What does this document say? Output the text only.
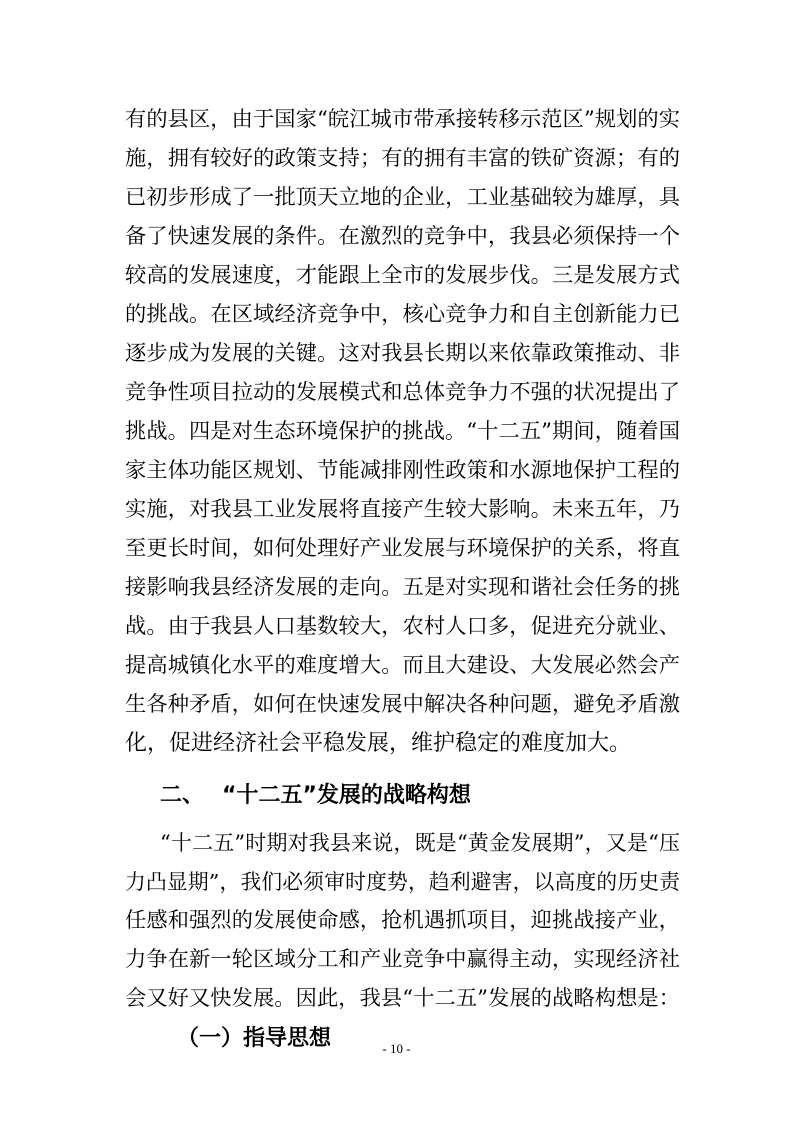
有的县区，由于国家“皖江城市带承接转移示范区”规划的实
施，拥有较好的政策支持；有的拥有丰富的铁矿资源；有的
已初步形成了一批顶天立地的企业，工业基础较为雄厚，具
备了快速发展的条件。在激烈的竞争中，我县必须保持一个
较高的发展速度，才能跟上全市的发展步伐。三是发展方式
的挑战。在区域经济竞争中，核心竞争力和自主创新能力已
逐步成为发展的关键。这对我县长期以来依靠政策推动、非
竞争性项目拉动的发展模式和总体竞争力不强的状况提出了
挑战。四是对生态环境保护的挑战。“十二五”期间，随着国
家主体功能区规划、节能减排刚性政策和水源地保护工程的
实施，对我县工业发展将直接产生较大影响。未来五年，乃
至更长时间，如何处理好产业发展与环境保护的关系，将直
接影响我县经济发展的走向。五是对实现和谐社会任务的挑
战。由于我县人口基数较大，农村人口多，促进充分就业、
提高城镇化水平的难度增大。而且大建设、大发展必然会产
生各种矛盾，如何在快速发展中解决各种问题，避免矛盾激
化，促进经济社会平稳发展，维护稳定的难度加大。
二、 “十二五”发展的战略构想
“十二五”时期对我县来说，既是“黄金发展期”，又是“压
力凸显期”，我们必须审时度势，趋利避害，以高度的历史责
任感和强烈的发展使命感，抢机遇抓项目，迎挑战接产业，
力争在新一轮区域分工和产业竞争中赢得主动，实现经济社
会又好又快发展。因此，我县“十二五”发展的战略构想是：
（一）指导思想	- 10 -
